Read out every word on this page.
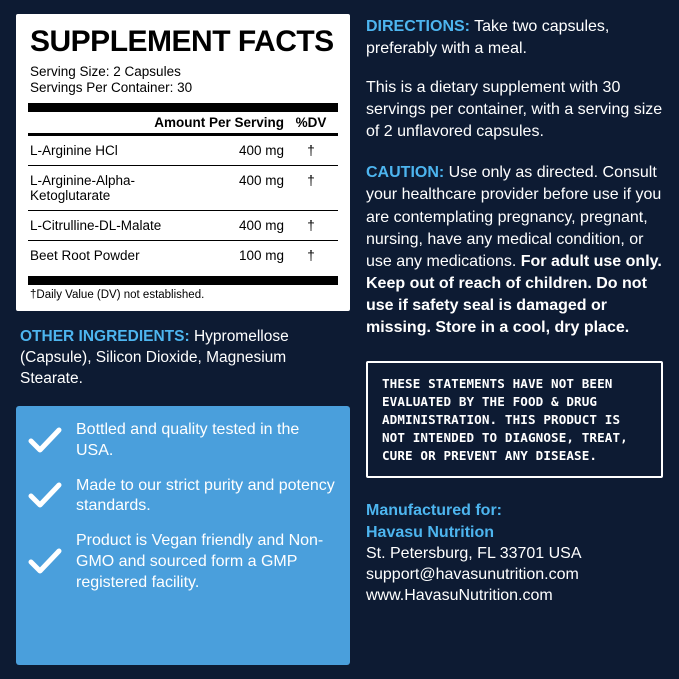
SUPPLEMENT FACTS
Serving Size: 2 Capsules
Servings Per Container: 30
Amount Per Serving %DV
L-Arginine HCl	400 mg	†
L-Arginine-Alpha-Ketoglutarate
400 mg	†
L-Citrulline-DL-Malate	400 mg	†
Beet Root Powder	100 mg	†
†Daily Value (DV) not established.
OTHER INGREDIENTS: Hypromellose (Capsule), Silicon Dioxide, Magnesium Stearate.
Bottled and quality tested in the USA.
Made to our strict purity and potency standards.
Product is Vegan friendly and Non-GMO and sourced form a GMP registered facility.
DIRECTIONS: Take two capsules, preferably with a meal.
This is a dietary supplement with 30 servings per container, with a serving size of 2 unflavored capsules.
CAUTION: Use only as directed. Consult your healthcare provider before use if you are contemplating pregnancy, pregnant, nursing, have any medical condition, or use any medications. For adult use only. Keep out of reach of children. Do not use if safety seal is damaged or missing. Store in a cool, dry place.
THESE STATEMENTS HAVE NOT BEEN EVALUATED BY THE FOOD & DRUG ADMINISTRATION. THIS PRODUCT IS NOT INTENDED TO DIAGNOSE, TREAT, CURE OR PREVENT ANY DISEASE.
Manufactured for:
Havasu Nutrition
St. Petersburg, FL 33701 USA
support@havasunutrition.com
www.HavasuNutrition.com
